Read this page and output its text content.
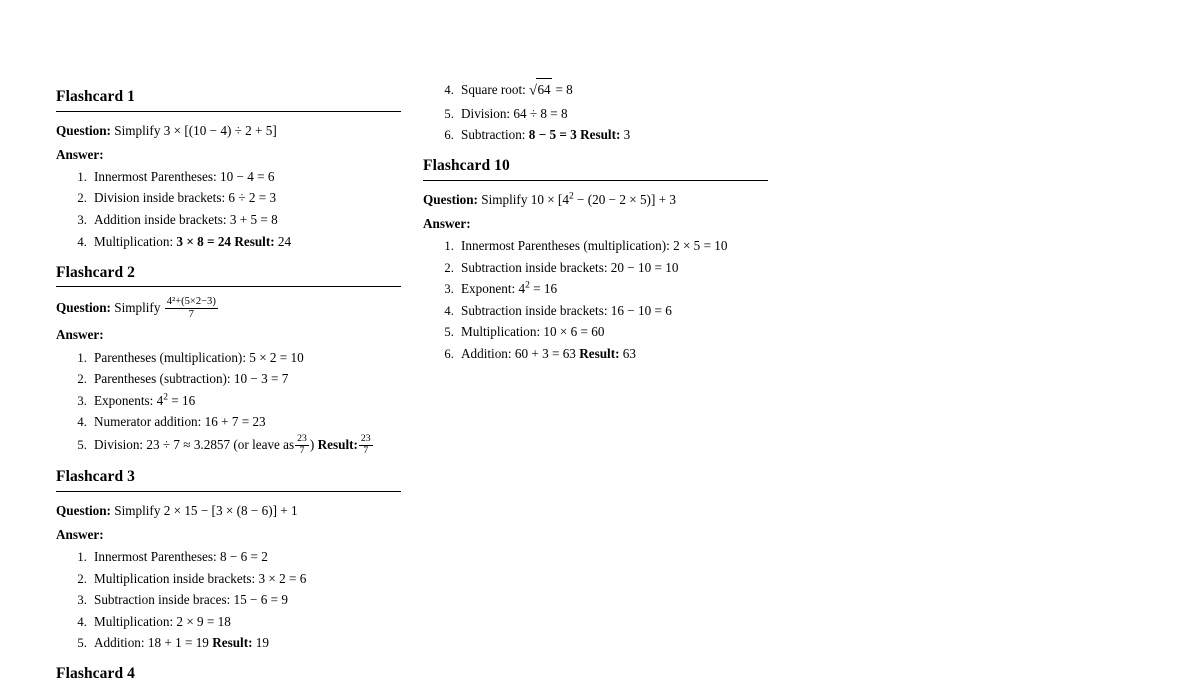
Flashcard 1

Question: Simplify 3 × [(10 − 4) ÷ 2 + 5]

Answer:

1. Innermost Parentheses: 10 − 4 = 6
2. Division inside brackets: 6 ÷ 2 = 3
3. Addition inside brackets: 3 + 5 = 8
4. Multiplication: 3 × 8 = 24 Result: 24
Flashcard 2

Question: Simplify $\frac{\text{4²+(5×2−3)}}{7}$

Answer:

1. Parentheses (multiplication): 5 × 2 = 10
2. Parentheses (subtraction): 10 − 3 = 7
3. Exponents: $4^2 = 16$
4. Numerator addition: 16 + 7 = 23
5. Division: 23 ÷ 7 ≈ 3.2857 (or leave as $\frac{23}{7}$ ) Result: $\frac{23}{7}$
Flashcard 3

Question: Simplify 2 × 15 − [3 × (8 − 6)] + 1

Answer:

1. Innermost Parentheses: 8 − 6 = 2
2. Multiplication inside brackets: 3 × 2 = 6
3. Subtraction inside braces: 15 − 6 = 9
4. Multiplication: 2 × 9 = 18
5. Addition: 18 + 1 = 19 Result: 19
Flashcard 4
4. Square root: √64 = 8
5. Division: 64 ÷ 8 = 8
6. Subtraction: 8 − 5 = 3 Result: 3
Flashcard 10

Question: Simplify $10 \times [4^2 - (20 - 2 \times 5)] + 3$

Answer:

1. Innermost Parentheses (multiplication): 2 × 5 = 10
2. Subtraction inside brackets: 20 − 10 = 10
3. Exponent: $4^2 = 16$
4. Subtraction inside brackets: 16 − 10 = 6
5. Multiplication: 10 × 6 = 60
6. Addition: 60 + 3 = 63 Result: 63
